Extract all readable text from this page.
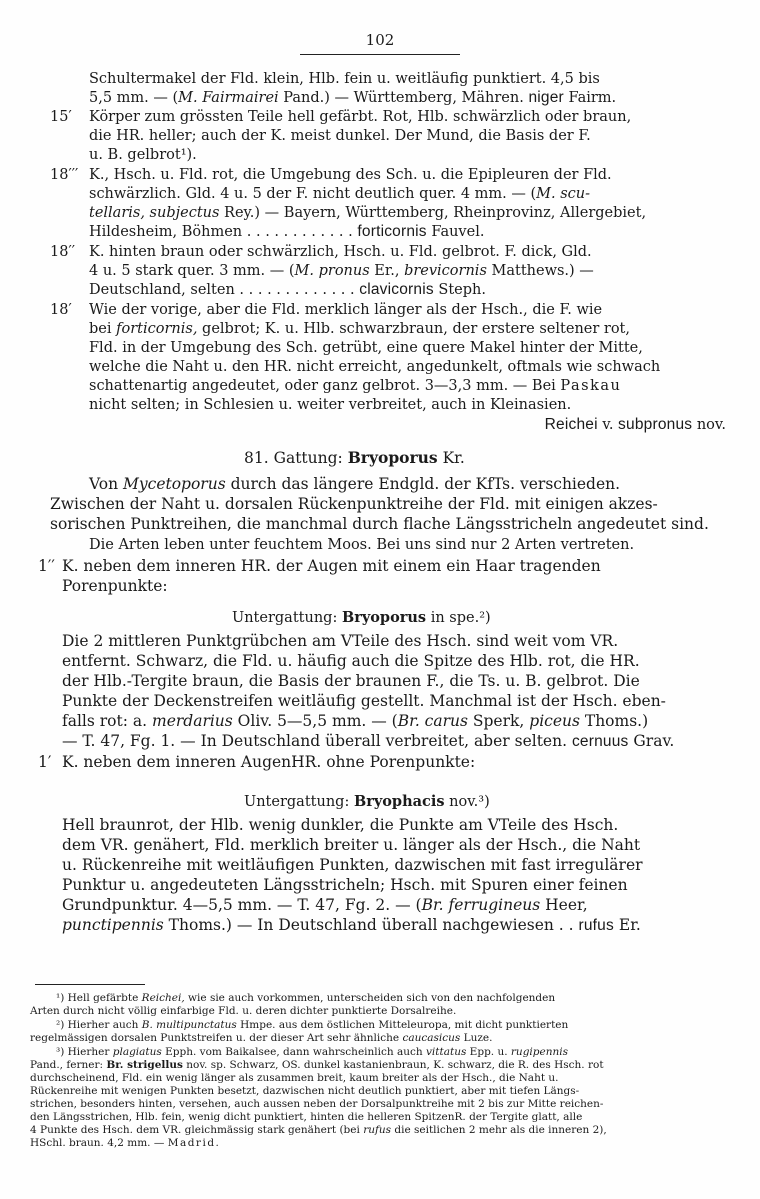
102
Schultermakel der Fld. klein, Hlb. fein u. weitläufig punktiert. 4,5 bis
5,5 mm. — (M. Fairmairei Pand.) — Württemberg, Mähren. niger Fairm.
15′ Körper zum grössten Teile hell gefärbt. Rot, Hlb. schwärzlich oder braun,
die HR. heller; auch der K. meist dunkel. Der Mund, die Basis der F.
u. B. gelbrot¹).
18′′′ K., Hsch. u. Fld. rot, die Umgebung des Sch. u. die Epipleuren der Fld.
schwärzlich. Gld. 4 u. 5 der F. nicht deutlich quer. 4 mm. — (M. scu-
tellaris, subjectus Rey.) — Bayern, Württemberg, Rheinprovinz, Allergebiet,
Hildesheim, Böhmen . . . . . . . . . . . . forticornis Fauvel.
18′′ K. hinten braun oder schwärzlich, Hsch. u. Fld. gelbrot. F. dick, Gld.
4 u. 5 stark quer. 3 mm. — (M. pronus Er., brevicornis Matthews.) —
Deutschland, selten . . . . . . . . . . . . . clavicornis Steph.
18′ Wie der vorige, aber die Fld. merklich länger als der Hsch., die F. wie
bei forticornis, gelbrot; K. u. Hlb. schwarzbraun, der erstere seltener rot,
Fld. in der Umgebung des Sch. getrübt, eine quere Makel hinter der Mitte,
welche die Naht u. den HR. nicht erreicht, angedunkelt, oftmals wie schwach
schattenartig angedeutet, oder ganz gelbrot. 3—3,3 mm. — Bei Paskau
nicht selten; in Schlesien u. weiter verbreitet, auch in Kleinasien.
Reichei v. subpronus nov.
81. Gattung: Bryoporus Kr.
Von Mycetoporus durch das längere Endgld. der KfTs. verschieden.
Zwischen der Naht u. dorsalen Rückenpunktreihe der Fld. mit einigen akzes-
sorischen Punktreihen, die manchmal durch flache Längsstricheln angedeutet sind.
Die Arten leben unter feuchtem Moos. Bei uns sind nur 2 Arten vertreten.
1′′ K. neben dem inneren HR. der Augen mit einem ein Haar tragenden
Porenpunkte:
Untergattung: Bryoporus in spe.²)
Die 2 mittleren Punktgrübchen am VTeile des Hsch. sind weit vom VR.
entfernt. Schwarz, die Fld. u. häufig auch die Spitze des Hlb. rot, die HR.
der Hlb.-Tergite braun, die Basis der braunen F., die Ts. u. B. gelbrot. Die
Punkte der Deckenstreifen weitläufig gestellt. Manchmal ist der Hsch. eben-
falls rot: a. merdarius Oliv. 5—5,5 mm. — (Br. carus Sperk, piceus Thoms.)
— T. 47, Fg. 1. — In Deutschland überall verbreitet, aber selten. cernuus Grav.
1′ K. neben dem inneren AugenHR. ohne Porenpunkte:
Untergattung: Bryophacis nov.³)
Hell braunrot, der Hlb. wenig dunkler, die Punkte am VTeile des Hsch.
dem VR. genähert, Fld. merklich breiter u. länger als der Hsch., die Naht
u. Rückenreihe mit weitläufigen Punkten, dazwischen mit fast irregulärer
Punktur u. angedeuteten Längsstricheln; Hsch. mit Spuren einer feinen
Grundpunktur. 4—5,5 mm. — T. 47, Fg. 2. — (Br. ferrugineus Heer,
punctipennis Thoms.) — In Deutschland überall nachgewiesen . . rufus Er.
¹) Hell gefärbte Reichei, wie sie auch vorkommen, unterscheiden sich von den nachfolgenden
Arten durch nicht völlig einfarbige Fld. u. deren dichter punktierte Dorsalreihe.
²) Hierher auch B. multipunctatus Hmpe. aus dem östlichen Mitteleuropa, mit dicht punktierten
regelmässigen dorsalen Punktstreifen u. der dieser Art sehr ähnliche caucasicus Luze.
³) Hierher plagiatus Epph. vom Baikalsee, dann wahrscheinlich auch vittatus Epp. u. rugipennis
Pand., ferner: Br. strigellus nov. sp. Schwarz, OS. dunkel kastanienbraun, K. schwarz, die R. des Hsch. rot
durchscheinend, Fld. ein wenig länger als zusammen breit, kaum breiter als der Hsch., die Naht u.
Rückenreihe mit wenigen Punkten besetzt, dazwischen nicht deutlich punktiert, aber mit tiefen Längs-
strichen, besonders hinten, versehen, auch aussen neben der Dorsalpunktreihe mit 2 bis zur Mitte reichen-
den Längsstrichen, Hlb. fein, wenig dicht punktiert, hinten die helleren SpitzenR. der Tergite glatt, alle
4 Punkte des Hsch. dem VR. gleichmässig stark genähert (bei rufus die seitlichen 2 mehr als die inneren 2),
HSchl. braun. 4,2 mm. — Madrid.
